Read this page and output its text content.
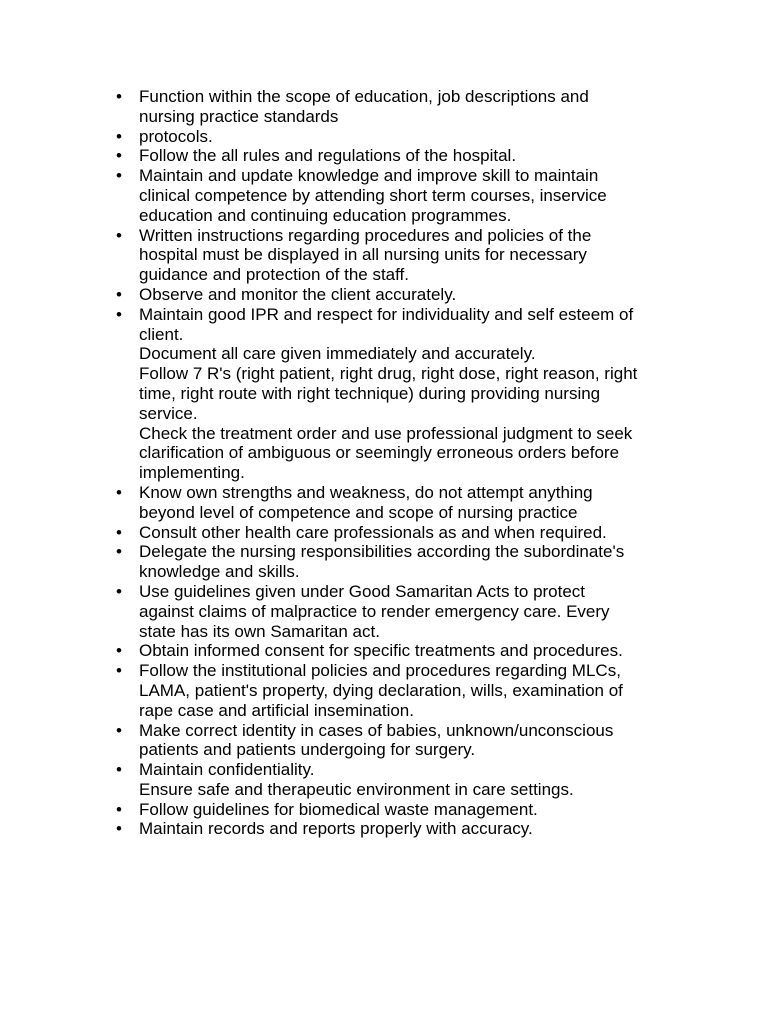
• Function within the scope of education, job descriptions and
nursing practice standards
• protocols.
• Follow the all rules and regulations of the hospital.
• Maintain and update knowledge and improve skill to maintain
clinical competence by attending short term courses, inservice
education and continuing education programmes.
• Written instructions regarding procedures and policies of the
hospital must be displayed in all nursing units for necessary
guidance and protection of the staff.
• Observe and monitor the client accurately.
• Maintain good IPR and respect for individuality and self esteem of
client.
Document all care given immediately and accurately.
Follow 7 R's (right patient, right drug, right dose, right reason, right
time, right route with right technique) during providing nursing
service.
Check the treatment order and use professional judgment to seek
clarification of ambiguous or seemingly erroneous orders before
implementing.
• Know own strengths and weakness, do not attempt anything
beyond level of competence and scope of nursing practice
• Consult other health care professionals as and when required.
• Delegate the nursing responsibilities according the subordinate's
knowledge and skills.
• Use guidelines given under Good Samaritan Acts to protect
against claims of malpractice to render emergency care. Every
state has its own Samaritan act.
• Obtain informed consent for specific treatments and procedures.
• Follow the institutional policies and procedures regarding MLCs,
LAMA, patient's property, dying declaration, wills, examination of
rape case and artificial insemination.
• Make correct identity in cases of babies, unknown/unconscious
patients and patients undergoing for surgery.
• Maintain confidentiality.
Ensure safe and therapeutic environment in care settings.
• Follow guidelines for biomedical waste management.
• Maintain records and reports properly with accuracy.
